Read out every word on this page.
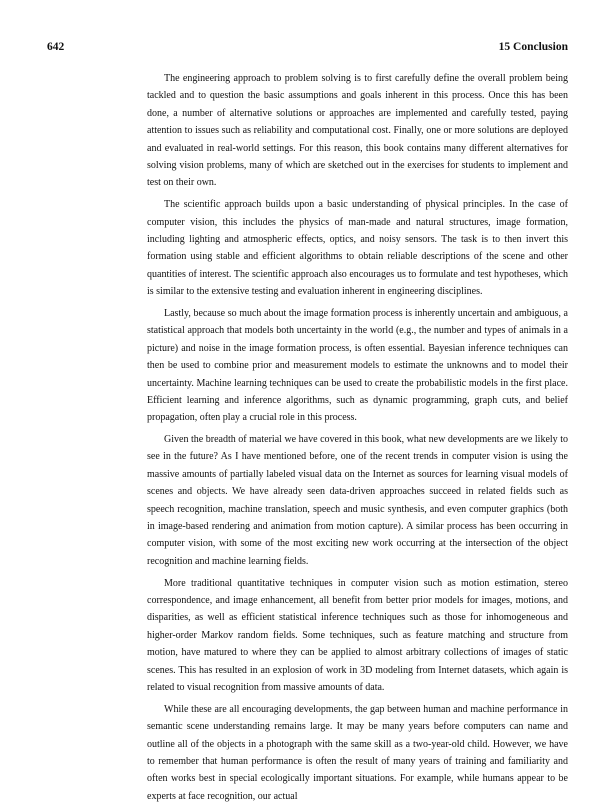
642	15 Conclusion

The engineering approach to problem solving is to first carefully define the overall problem being tackled and to question the basic assumptions and goals inherent in this process. Once this has been done, a number of alternative solutions or approaches are implemented and carefully tested, paying attention to issues such as reliability and computational cost. Finally, one or more solutions are deployed and evaluated in real-world settings. For this reason, this book contains many different alternatives for solving vision problems, many of which are sketched out in the exercises for students to implement and test on their own.

The scientific approach builds upon a basic understanding of physical principles. In the case of computer vision, this includes the physics of man-made and natural structures, image formation, including lighting and atmospheric effects, optics, and noisy sensors. The task is to then invert this formation using stable and efficient algorithms to obtain reliable descriptions of the scene and other quantities of interest. The scientific approach also encourages us to formulate and test hypotheses, which is similar to the extensive testing and evaluation inherent in engineering disciplines.

Lastly, because so much about the image formation process is inherently uncertain and ambiguous, a statistical approach that models both uncertainty in the world (e.g., the number and types of animals in a picture) and noise in the image formation process, is often essential. Bayesian inference techniques can then be used to combine prior and measurement models to estimate the unknowns and to model their uncertainty. Machine learning techniques can be used to create the probabilistic models in the first place. Efficient learning and inference algorithms, such as dynamic programming, graph cuts, and belief propagation, often play a crucial role in this process.

Given the breadth of material we have covered in this book, what new developments are we likely to see in the future? As I have mentioned before, one of the recent trends in computer vision is using the massive amounts of partially labeled visual data on the Internet as sources for learning visual models of scenes and objects. We have already seen data-driven approaches succeed in related fields such as speech recognition, machine translation, speech and music synthesis, and even computer graphics (both in image-based rendering and animation from motion capture). A similar process has been occurring in computer vision, with some of the most exciting new work occurring at the intersection of the object recognition and machine learning fields.

More traditional quantitative techniques in computer vision such as motion estimation, stereo correspondence, and image enhancement, all benefit from better prior models for images, motions, and disparities, as well as efficient statistical inference techniques such as those for inhomogeneous and higher-order Markov random fields. Some techniques, such as feature matching and structure from motion, have matured to where they can be applied to almost arbitrary collections of images of static scenes. This has resulted in an explosion of work in 3D modeling from Internet datasets, which again is related to visual recognition from massive amounts of data.

While these are all encouraging developments, the gap between human and machine performance in semantic scene understanding remains large. It may be many years before computers can name and outline all of the objects in a photograph with the same skill as a two-year-old child. However, we have to remember that human performance is often the result of many years of training and familiarity and often works best in special ecologically important situations. For example, while humans appear to be experts at face recognition, our actual
